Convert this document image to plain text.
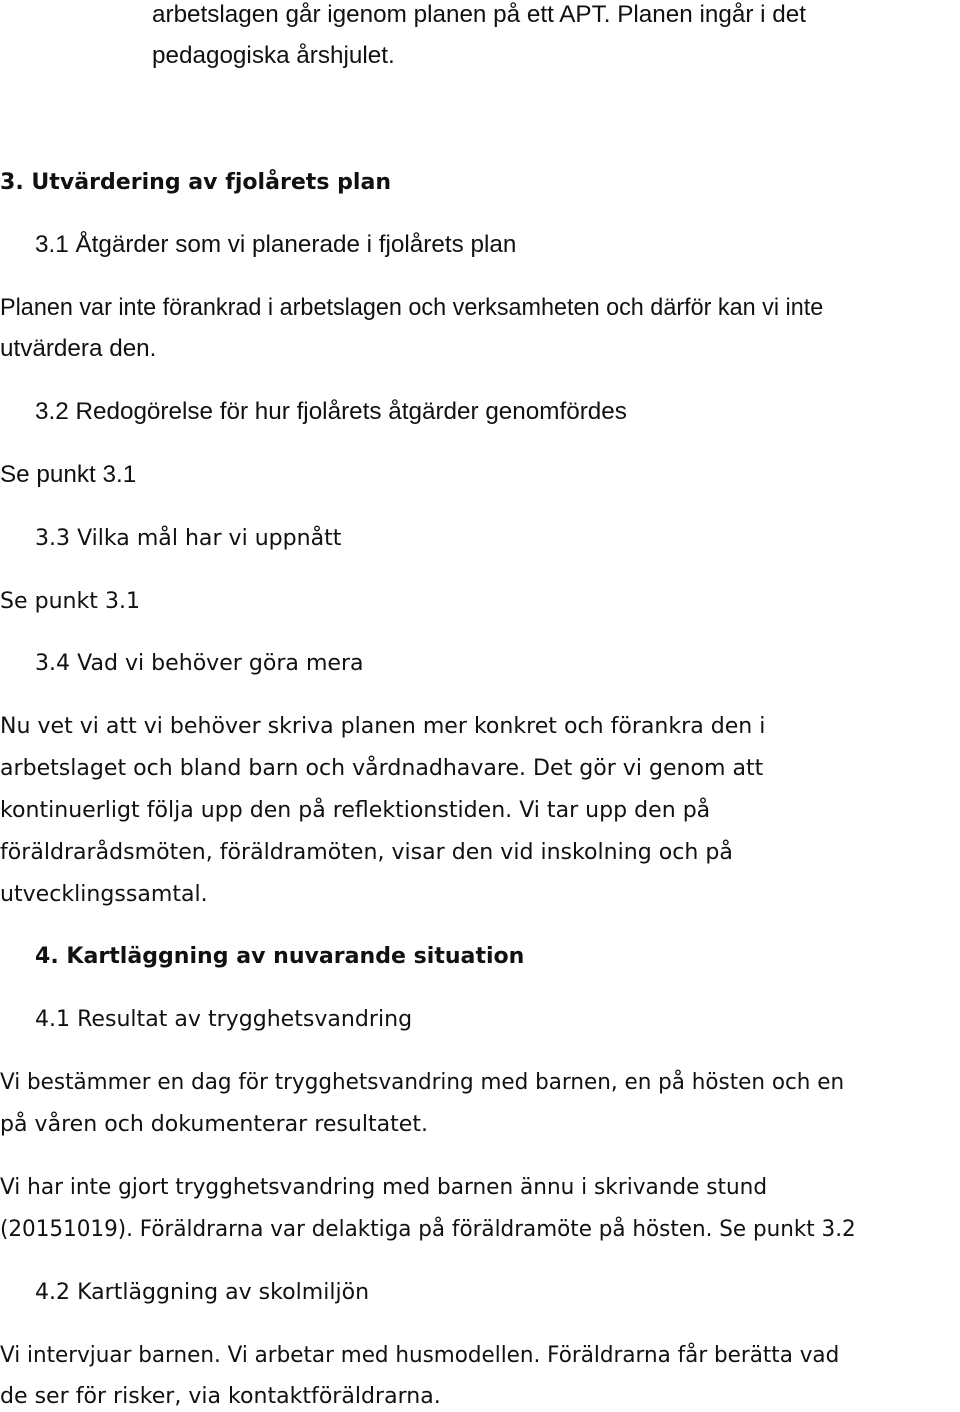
arbetslagen går igenom planen på ett APT. Planen ingår i det
pedagogiska årshjulet.
3. Utvärdering av fjolårets plan
3.1 Åtgärder som vi planerade i fjolårets plan
Planen var inte förankrad i arbetslagen och verksamheten och därför kan vi inte
utvärdera den.
3.2 Redogörelse för hur fjolårets åtgärder genomfördes
Se punkt 3.1
3.3 Vilka mål har vi uppnått
Se punkt 3.1
3.4 Vad vi behöver göra mera
Nu vet vi att vi behöver skriva planen mer konkret och förankra den i
arbetslaget och bland barn och vårdnadhavare. Det gör vi genom att
kontinuerligt följa upp den på reflektionstiden. Vi tar upp den på
föräldrarådsmöten, föräldramöten, visar den vid inskolning och på
utvecklingssamtal.
4. Kartläggning av nuvarande situation
4.1 Resultat av trygghetsvandring
Vi bestämmer en dag för trygghetsvandring med barnen, en på hösten och en
på våren och dokumenterar resultatet.
Vi har inte gjort trygghetsvandring med barnen ännu i skrivande stund
(20151019). Föräldrarna var delaktiga på föräldramöte på hösten. Se punkt 3.2
4.2 Kartläggning av skolmiljön
Vi intervjuar barnen. Vi arbetar med husmodellen. Föräldrarna får berätta vad
de ser för risker, via kontaktföräldrarna.
